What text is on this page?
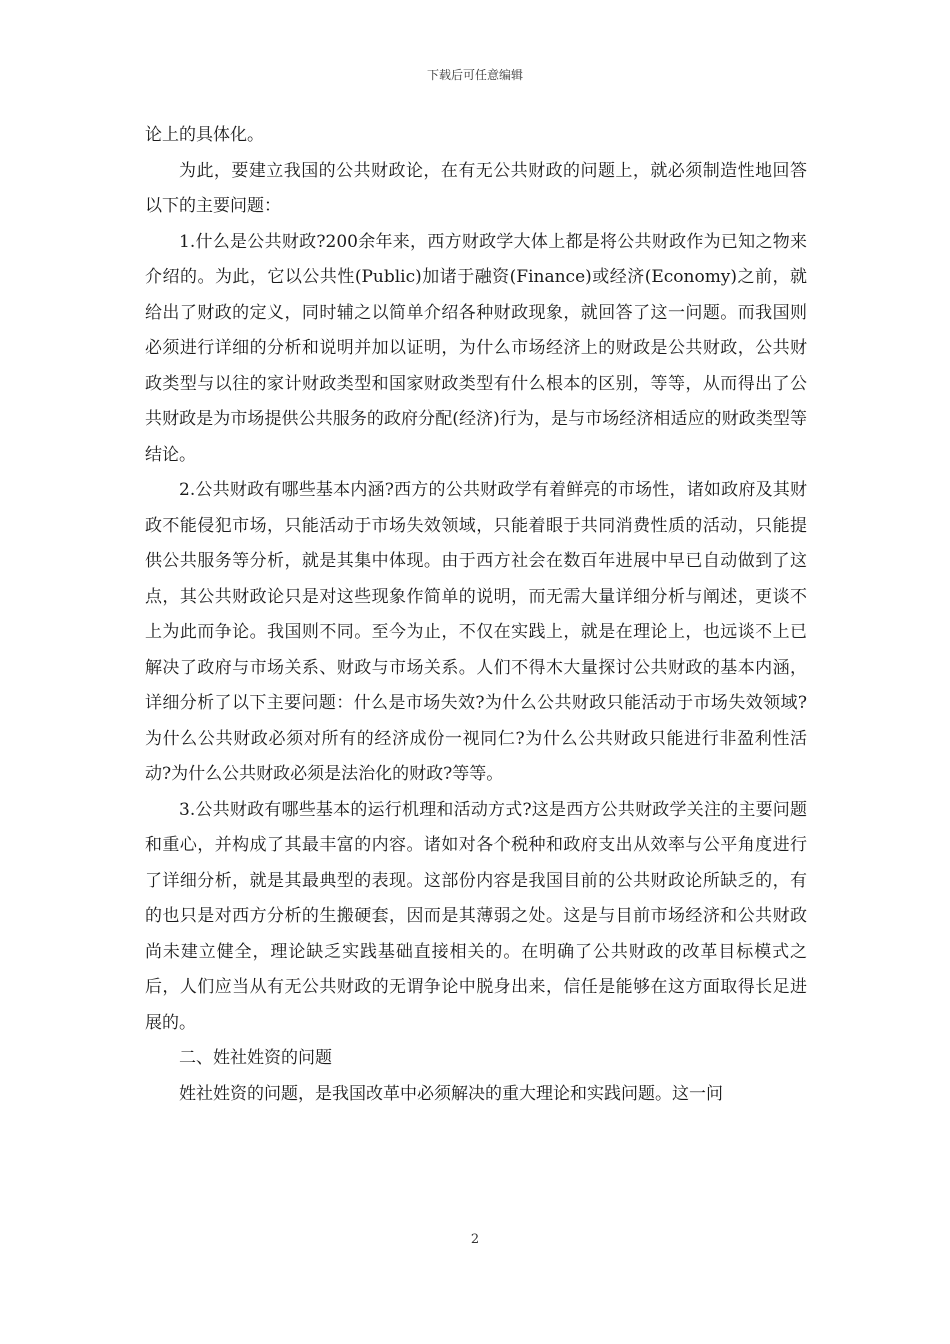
下载后可任意编辑

论上的具体化。

为此，要建立我国的公共财政论，在有无公共财政的问题上，就必须制造性地回答以下的主要问题：

1.什么是公共财政?200余年来，西方财政学大体上都是将公共财政作为已知之物来介绍的。为此，它以公共性(Public)加诸于融资(Finance)或经济(Economy)之前，就给出了财政的定义，同时辅之以简单介绍各种财政现象，就回答了这一问题。而我国则必须进行详细的分析和说明并加以证明，为什么市场经济上的财政是公共财政，公共财政类型与以往的家计财政类型和国家财政类型有什么根本的区别，等等，从而得出了公共财政是为市场提供公共服务的政府分配(经济)行为，是与市场经济相适应的财政类型等结论。

2.公共财政有哪些基本内涵?西方的公共财政学有着鲜亮的市场性，诸如政府及其财政不能侵犯市场，只能活动于市场失效领域，只能着眼于共同消费性质的活动，只能提供公共服务等分析，就是其集中体现。由于西方社会在数百年进展中早已自动做到了这点，其公共财政论只是对这些现象作简单的说明，而无需大量详细分析与阐述，更谈不上为此而争论。我国则不同。至今为止，不仅在实践上，就是在理论上，也远谈不上已解决了政府与市场关系、财政与市场关系。人们不得木大量探讨公共财政的基本内涵，详细分析了以下主要问题：什么是市场失效?为什么公共财政只能活动于市场失效领域?为什么公共财政必须对所有的经济成份一视同仁?为什么公共财政只能进行非盈利性活动?为什么公共财政必须是法治化的财政?等等。

3.公共财政有哪些基本的运行机理和活动方式?这是西方公共财政学关注的主要问题和重心，并构成了其最丰富的内容。诸如对各个税种和政府支出从效率与公平角度进行了详细分析，就是其最典型的表现。这部份内容是我国目前的公共财政论所缺乏的，有的也只是对西方分析的生搬硬套，因而是其薄弱之处。这是与目前市场经济和公共财政尚未建立健全，理论缺乏实践基础直接相关的。在明确了公共财政的改革目标模式之后，人们应当从有无公共财政的无谓争论中脱身出来，信任是能够在这方面取得长足进展的。

二、姓社姓资的问题

姓社姓资的问题，是我国改革中必须解决的重大理论和实践问题。这一问

2
